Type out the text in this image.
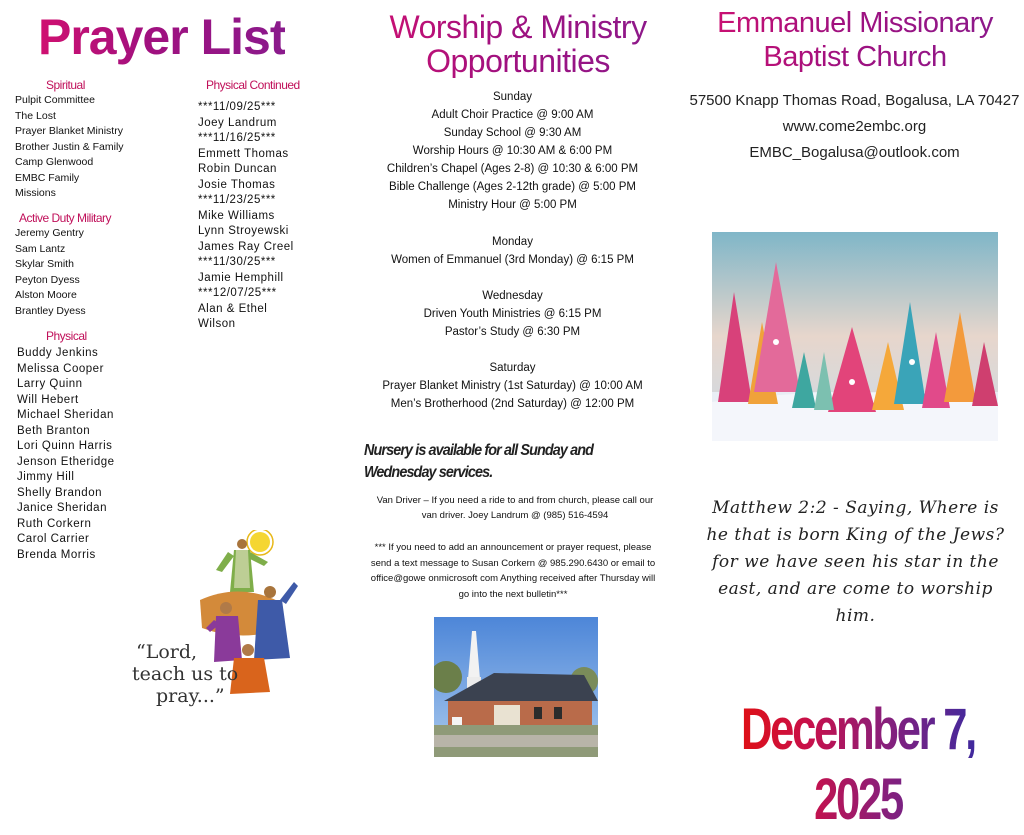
Prayer List
Spiritual
Pulpit Committee
The Lost
Prayer Blanket Ministry
Brother Justin & Family
Camp Glenwood
EMBC Family
Missions
Active Duty Military
Jeremy Gentry
Sam Lantz
Skylar Smith
Peyton Dyess
Alston Moore
Brantley Dyess
Physical
Buddy Jenkins
Melissa Cooper
Larry Quinn
Will Hebert
Michael Sheridan
Beth Branton
Lori Quinn Harris
Jenson Etheridge
Jimmy Hill
Shelly Brandon
Janice Sheridan
Ruth Corkern
Carol Carrier
Brenda Morris
Physical Continued
***11/09/25***
Joey Landrum
***11/16/25***
Emmett Thomas
Robin Duncan
Josie Thomas
***11/23/25***
Mike Williams
Lynn Stroyewski
James Ray Creel
***11/30/25***
Jamie Hemphill
***12/07/25***
Alan & Ethel
Wilson
“Lord,
teach us to
pray...”
Worship & Ministry
Opportunities
Sunday
Adult Choir Practice @ 9:00 AM
Sunday School @ 9:30 AM
Worship Hours @ 10:30 AM & 6:00 PM
Children’s Chapel (Ages 2-8) @ 10:30 & 6:00 PM
Bible Challenge (Ages 2-12th grade) @ 5:00 PM
Ministry Hour @ 5:00 PM
Monday
Women of Emmanuel (3rd Monday) @ 6:15 PM
Wednesday
Driven Youth Ministries @ 6:15 PM
Pastor’s Study @ 6:30 PM
Saturday
Prayer Blanket Ministry (1st Saturday) @ 10:00 AM
Men’s Brotherhood (2nd Saturday) @ 12:00 PM
Nursery is available for all Sunday and Wednesday services.
Van Driver – If you need a ride to and from church, please call our van driver. Joey Landrum @ (985) 516-4594
*** If you need to add an announcement or prayer request, please send a text message to Susan Corkern @ 985.290.6430 or email to office@gowe onmicrosoft com Anything received after Thursday will go into the next bulletin***
Emmanuel Missionary
Baptist Church
57500 Knapp Thomas Road, Bogalusa, LA 70427
www.come2embc.org
EMBC_Bogalusa@outlook.com
Matthew 2:2 - Saying, Where is he that is born King of the Jews? for we have seen his star in the east, and are come to worship him.
December 7, 2025
